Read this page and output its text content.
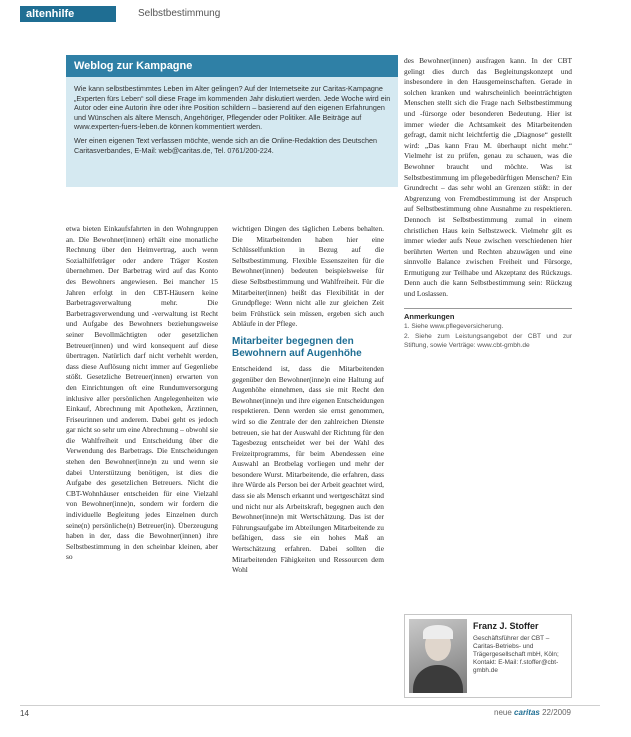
altenhilfe	Selbstbestimmung
Weblog zur Kampagne

Wie kann selbstbestimmtes Leben im Alter gelingen? Auf der Internetseite zur Caritas-Kampagne „Experten fürs Leben“ soll diese Frage im kommenden Jahr diskutiert werden. Jede Woche wird ein Autor oder eine Autorin ihre oder ihre Position schildern – basierend auf den eigenen Erfahrungen und Wünschen als ältere Mensch, Angehöriger, Pflegender oder Politiker. Alle Beiträge auf www.experten-fuers-leben.de können kommentiert werden.

Wer einen eigenen Text verfassen möchte, wende sich an die Online-Redaktion des Deutschen Caritasverbandes, E-Mail: web@caritas.de, Tel. 0761/200-224.

etwa bieten Einkaufsfahrten in den Wohngruppen an. Die Bewohner(innen) erhält eine monatliche Rechnung über den Heimvertrag, auch wenn Sozialhilfeträger oder andere Träger Kosten übernehmen. Der Barbetrag wird auf das Konto des Bewohners angewiesen. Bei mancher 15 Jahren erfolgt in den CBT-Häusern keine Barbetragsverwaltung mehr. Die Barbetragsverwendung und -verwaltung ist Recht und Aufgabe des Bewohners beziehungsweise seiner Bevollmächtigten oder gesetzlichen Betreuer(innen) und wird konsequent auf diese übertragen. Natürlich darf nicht verhehlt werden, dass diese Auflösung nicht immer auf Gegenliebe stößt. Gesetzliche Betreuer(innen) erwarten von den Einrichtungen oft eine Rundumversorgung inklusive aller persönlichen Angelegenheiten wie Einkauf, Abrechnung mit Apotheken, Ärztinnen, Friseurinnen und anderem. Dabei geht es jedoch gar nicht so sehr um eine Abrechnung – obwohl sie die Wahlfreiheit und Entscheidung über die Verwendung des Barbetrags. Die Entscheidungen stehen den Bewohner(inne)n zu und wenn sie dabei Unterstützung benötigen, ist dies die Aufgabe des gesetzlichen Betreuers. Nicht die CBT-Wohnhäuser entscheiden für eine Vielzahl von Bewohner(inne)n, sondern wir fordern die individuelle Begleitung jedes Einzelnen durch seine(n) persönliche(n) Betreuer(in). Überzeugung haben in der, dass die Bewohner(innen) ihre Selbstbestimmung in den scheinbar kleinen, aber so

wichtigen Dingen des täglichen Lebens behalten. Die Mitarbeitenden haben hier eine Schlüsselfunktion in Bezug auf die Selbstbestimmung. Flexible Essenszeiten für die Bewohner(innen) bedeuten beispielsweise für diese Selbstbestimmung und Wahlfreiheit. Für die Mitarbeiter(innen) heißt das Flexibilität in der Grundpflege: Wenn nicht alle zur gleichen Zeit beim Frühstück sein müssen, ergeben sich auch Abläufe in der Pflege.

Mitarbeiter begegnen den Bewohnern auf Augenhöhe

Entscheidend ist, dass die Mitarbeitenden gegenüber den Bewohner(inne)n eine Haltung auf Augenhöhe einnehmen, dass sie mit Recht den Bewohner(inne)n und ihre eigenen Entscheidungen respektieren. Denn werden sie ernst genommen, wird so die Zentrale der den zahlreichen Dienste betreuen, sie hat der Auswahl der Richtung für den Tagesbezug entscheidet wer bei der Wahl des Freizeitprogramms, für beim Abendessen eine Auswahl an Brotbelag vorliegen und mehr der besondere Wurst. Mitarbeitende, die erfahren, dass ihre Würde als Person bei der Arbeit geachtet wird, dass sie als Mensch erkannt und wertgeschätzt sind und nicht nur als Arbeitskraft, begegnen auch den Bewohner(inne)n mit Wertschätzung. Das ist der Führungsaufgabe im Abteilungen Mitarbeitende zu befähigen, dass sie ein hohes Maß an Wertschätzung erfahren. Dabei sollten die Mitarbeitenden Fähigkeiten und Ressourcen dem Wohl

des Bewohner(innen) ausfragen kann. In der CBT gelingt dies durch das Begleitungskonzept und insbesondere in den Hausgemeinschaften. Gerade in solchen kranken und wahrscheinlich beeinträchtigten Menschen stellt sich die Frage nach Selbstbestimmung und -fürsorge oder besonderen Bedeutung. Hier ist immer wieder die Achtsamkeit des Mitarbeitenden gefragt, damit nicht leichtfertig die „Diagnose“ gestellt wird: „Das kann Frau M. überhaupt nicht mehr.“ Vielmehr ist zu prüfen, genau zu schauen, was die Bewohner braucht und möchte. Was ist Selbstbestimmung im pflegebedürftigen Menschen? Ein Grundrecht – das sehr wohl an Grenzen stößt: in der Abgrenzung von Fremdbestimmung ist der Anspruch auf Selbstbestimmung ohne Ausnahme zu respektieren. Dennoch ist Selbstbestimmung zumal in einem christlichen Haus kein Selbstzweck. Vielmehr gilt es immer wieder aufs Neue zwischen verschiedenen hier berührten Werten und Rechten abzuwägen und eine sinnvolle Balance zwischen Freiheit und Fürsorge, Ermutigung zur Teilhabe und Akzeptanz des Rückzugs. Denn auch die kann Selbstbestimmung sein: Rückzug und Loslassen.

Anmerkungen
1. Siehe www.pflegeversicherung.
2. Siehe zum Leistungsangebot der CBT und zur Stiftung, sowie Verträge: www.cbt-gmbh.de
Franz J. Stoffer
Geschäftsführer der CBT – Caritas-Betriebs- und Trägergesellschaft mbH, Köln; Kontakt: E-Mail: f.stoffer@cbt-gmbh.de
14	neue caritas 22/2009
